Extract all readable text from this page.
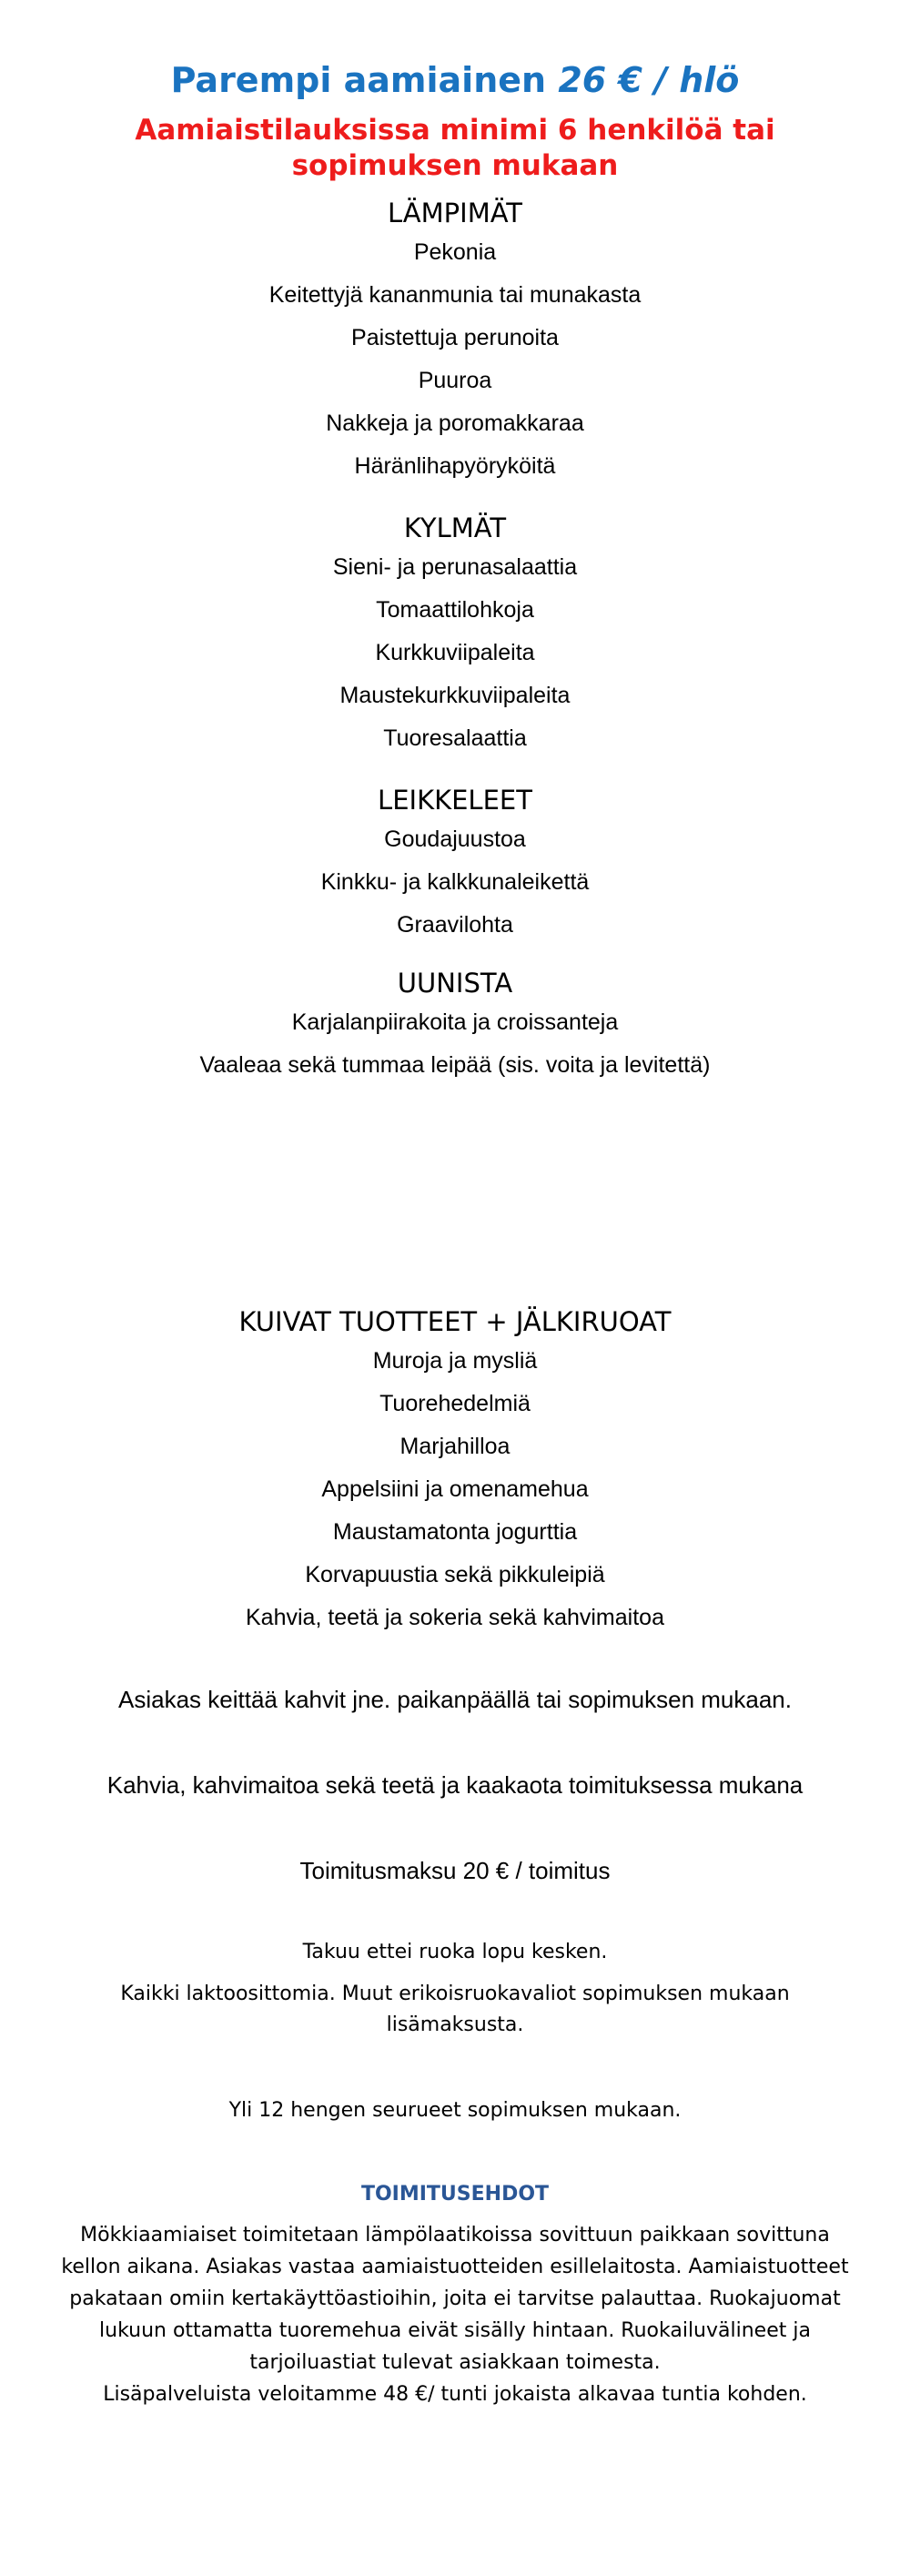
Parempi aamiainen 26 € / hlö

Aamiaistilauksissa minimi 6 henkilöä tai sopimuksen mukaan

LÄMPIMÄT

Pekonia

Keitettyjä kananmunia tai munakasta

Paistettuja perunoita

Puuroa

Nakkeja ja poromakkaraa

Häränlihapyöryköitä

KYLMÄT

Sieni- ja perunasalaattia

Tomaattilohkoja

Kurkkuviipaleita

Maustekurkkuviipaleita

Tuoresalaattia

LEIKKELEET

Goudajuustoa

Kinkku- ja kalkkunaleikettä

Graavilohta

UUNISTA

Karjalanpiirakoita ja croissanteja

Vaaleaa sekä tummaa leipää (sis. voita ja levitettä)

KUIVAT TUOTTEET + JÄLKIRUOAT

Muroja ja mysliä

Tuorehedelmiä

Marjahilloa

Appelsiini ja omenamehua

Maustamatonta jogurttia

Korvapuustia sekä pikkuleipiä

Kahvia, teetä ja sokeria sekä kahvimaitoa

Asiakas keittää kahvit jne. paikanpäällä tai sopimuksen mukaan.

Kahvia, kahvimaitoa sekä teetä ja kaakaota toimituksessa mukana

Toimitusmaksu 20 € / toimitus

Takuu ettei ruoka lopu kesken.

Kaikki laktoosittomia. Muut erikoisruokavaliot sopimuksen mukaan lisämaksusta.

Yli 12 hengen seurueet sopimuksen mukaan.

TOIMITUSEHDOT

Mökkiaamiaiset toimitetaan lämpölaatikoissa sovittuun paikkaan sovittuna kellon aikana. Asiakas vastaa aamiaistuotteiden esillelaitosta. Aamiaistuotteet pakataan omiin kertakäyttöastioihin, joita ei tarvitse palauttaa. Ruokajuomat lukuun ottamatta tuoremehua eivät sisälly hintaan. Ruokailuvälineet ja tarjoiluastiat tulevat asiakkaan toimesta.

Lisäpalveluista veloitamme 48 €/ tunti jokaista alkavaa tuntia kohden.
